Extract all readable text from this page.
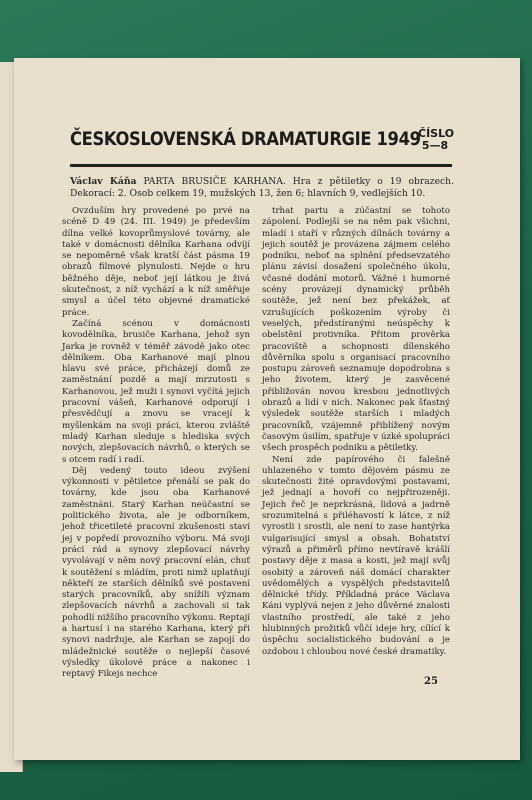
ČESKOSLOVENSKÁ DRAMATURGIE 1949
ČÍSLO
5—8
Václav Káňa PARTA BRUSIČE KARHANA. Hra z pětiletky o 19 obrazech. Dekorací: 2. Osob celkem 19, mužských 13, žen 6; hlavních 9, vedlejších 10.

Ovzduším hry provedené po prvé na scéně D 49 (24. III. 1949) je především dílna velké kovoprůmyslové továrny, ale také v domácnosti dělníka Karhana odvíjí se nepoměrně však kratší část pásma 19 obrazů filmové plynulosti. Nejde o hru běžného děje, neboť její látkou je živá skutečnost, z níž vychází a k níž směřuje smysl a účel této objevné dramatické práce.

Začíná scénou v domácnosti kovodělníka, brusiče Karhana, jehož syn Jarka je rovněž v téměř závodě jako otec dělníkem. Oba Karhanové mají plnou hlavu své práce, přicházejí domů ze zaměstnání pozdě a mají mrzutosti s Karhanovou, jež muži i synovi vyčítá jejich pracovní vášeň, Karhanové odporují i přesvědčují a znovu se vracejí k myšlenkám na svoji práci, kterou zvláště mladý Karhan sleduje s hlediska svých nových, zlepšovacích návrhů, o kterých se s otcem radí i radí.

Děj vedený touto ideou zvýšení výkonnosti v pětiletce přenáší se pak do továrny, kde jsou oba Karhanové zaměstnáni. Starý Karhan neúčastní se politického života, ale je odborníkem, jehož třicetileté pracovní zkušenosti staví jej v popředí provozního výboru. Má svoji práci rád a synovy zlepšovací návrhy vyvolávají v něm nový pracovní elán, chuť k soutěžení s mládím, proti nimž uplatňují někteří ze starších dělníků své postavení starých pracovníků, aby snížili význam zlepšovacích návrhů a zachovali si tak pohodlí nižšího pracovního výkonu. Reptají a hartusí i na starého Karhana, který při synovi nadržuje, ale Karhan se zapojí do mládežnické soutěže o nejlepší časové výsledky úkolové práce a nakonec i reptavý Fikejs nechce

trhat partu a zúčastní se tohoto zápolení. Podlejší se na něm pak všichni, mladí i staří v různých dílnách továrny a jejich soutěž je provázena zájmem celého podniku, neboť na splnění předsevzatého plánu závisí dosažení společného úkolu, včasné dodání motorů. Vážné i humorné scény provázejí dynamický průběh soutěže, jež není bez překážek, ať vzrušujících poškozením výroby či veselých, předstíranými neúspěchy k obelstění protivníka. Přitom prověrka pracoviště a schopnosti dílenského důvěrníka spolu s organisací pracovního postupu zároveň seznamuje dopodrobna s jeho životem, který je zasvěcené přibližován novou kresbou jednotlivých obrazů a lidí v nich. Nakonec pak šťastný výsledek soutěže starších i mladých pracovníků, vzájemně přiblížený novým časovým úsilím, spatřuje v úzké spolupráci všech prospěch podniku a pětiletky.

Není zde papírového či falešně uhlazeného v tomto dějovém pásmu ze skutečnosti žité opravdovými postavami, jež jednají a hovoří co nejpřirozeněji. Jejich řeč je neprkrásná, lidová a jadrně srozumitelná s přiléhavostí k látce, z níž vyrostli i srostli, ale není to zase hantýrka vulgarisující smysl a obsah. Bohatství výrazů a přiměrů přímo nevtíravě krášlí postavy děje z masa a kosti, jež mají svůj osobitý a zároveň náš domácí charakter uvědomělých a vyspělých představitelů dělnické třídy. Příkladná práce Václava Káni vyplývá nejen z jeho důvěrné znalosti vlastního prostředí, ale také z jeho hlubinných prožitků vůčí ideje hry, cílící k úspěchu socialistického budování a je ozdobou i chloubou nové české dramatiky.

25
